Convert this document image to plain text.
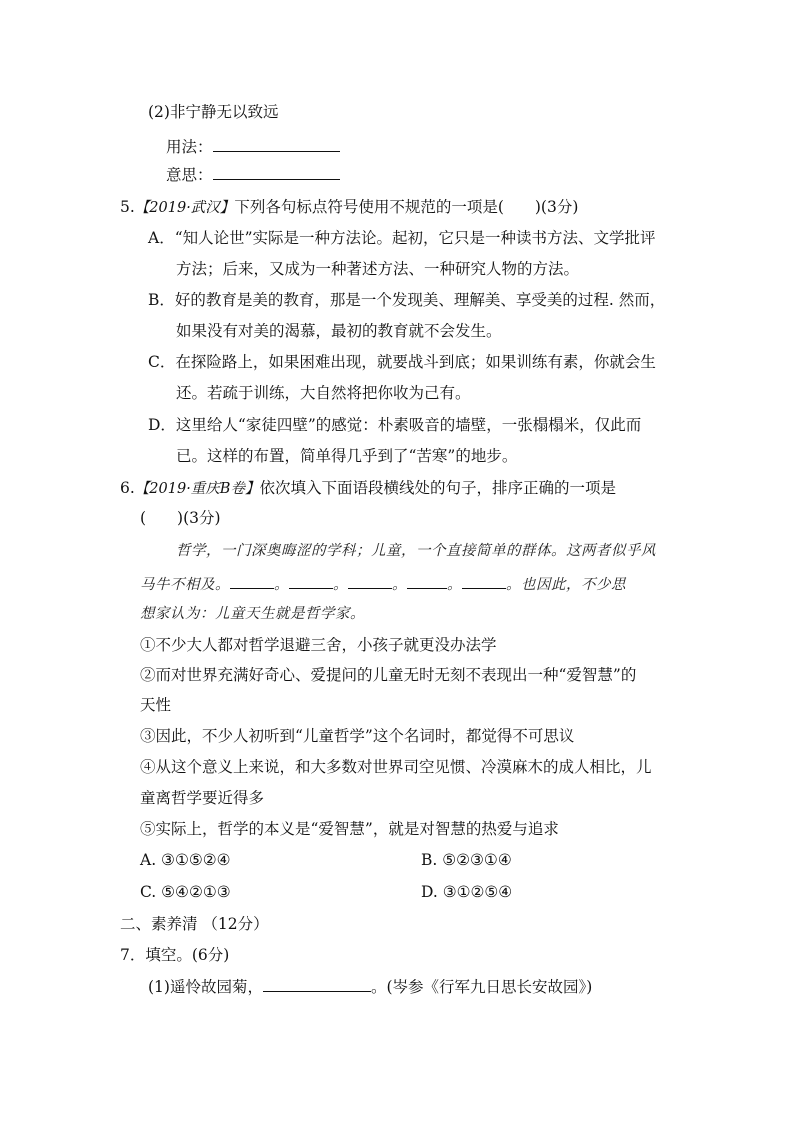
(2)非宁静无以致远
用法：
意思：
5.【2019·武汉】下列各句标点符号使用不规范的一项是(　　)(3分)
A．“知人论世”实际是一种方法论。起初，它只是一种读书方法、文学批评
方法；后来，又成为一种著述方法、一种研究人物的方法。
B．好的教育是美的教育，那是一个发现美、理解美、享受美的过程. 然而，
如果没有对美的渴慕，最初的教育就不会发生。
C．在探险路上，如果困难出现，就要战斗到底；如果训练有素，你就会生
还。若疏于训练，大自然将把你收为己有。
D．这里给人“家徒四壁”的感觉：朴素吸音的墙壁，一张榻榻米，仅此而
已。这样的布置，简单得几乎到了“苦寒”的地步。
6.【2019·重庆B卷】依次填入下面语段横线处的句子，排序正确的一项是
(　　)(3分)
哲学，一门深奥晦涩的学科；儿童，一个直接简单的群体。这两者似乎风
马牛不相及。	。	。	。	。	。也因此，不少思
想家认为：儿童天生就是哲学家。
①不少大人都对哲学退避三舍，小孩子就更没办法学
②而对世界充满好奇心、爱提问的儿童无时无刻不表现出一种“爱智慧”的
天性
③因此，不少人初听到“儿童哲学”这个名词时，都觉得不可思议
④从这个意义上来说，和大多数对世界司空见惯、冷漠麻木的成人相比，儿
童离哲学要近得多
⑤实际上，哲学的本义是“爱智慧”，就是对智慧的热爱与追求
A. ③①⑤②④	B. ⑤②③①④
C. ⑤④②①③	D. ③①②⑤④
二、素养清 （12分）
7．填空。(6分)
(1)遥怜故园菊，	。(岑参《行军九日思长安故园》)
